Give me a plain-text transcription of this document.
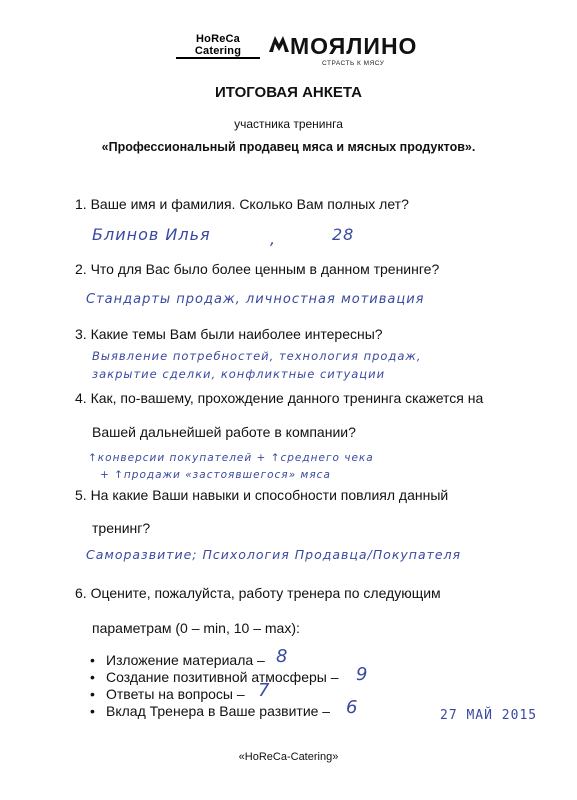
HoReCa Catering	МОЯЛИНО
СТРАСТЬ К МЯСУ
ИТОГОВАЯ АНКЕТА
участника тренинга
«Профессиональный продавец мяса и мясных продуктов».
1. Ваше имя и фамилия. Сколько Вам полных лет?
Блинов Илья	,	28
2. Что для Вас было более ценным в данном тренинге?
Стандарты продаж, личностная мотивация
3. Какие темы Вам были наиболее интересны?
Выявление потребностей, технология продаж,
закрытие сделки, конфликтные ситуации
4. Как, по-вашему, прохождение данного тренинга скажется на
Вашей дальнейшей работе в компании?
↑конверсии покупателей + ↑среднего чека
+ ↑продажи «застоявшегося» мяса
5. На какие Ваши навыки и способности повлиял данный
тренинг?
Саморазвитие; Психология Продавца/Покупателя
6. Оцените, пожалуйста, работу тренера по следующим
параметрам (0 – min, 10 – max):
• Изложение материала – 8
• Создание позитивной атмосферы – 9
• Ответы на вопросы – 7
• Вклад Тренера в Ваше развитие – 6	27 МАЙ 2015
«HoReCa-Catering»
